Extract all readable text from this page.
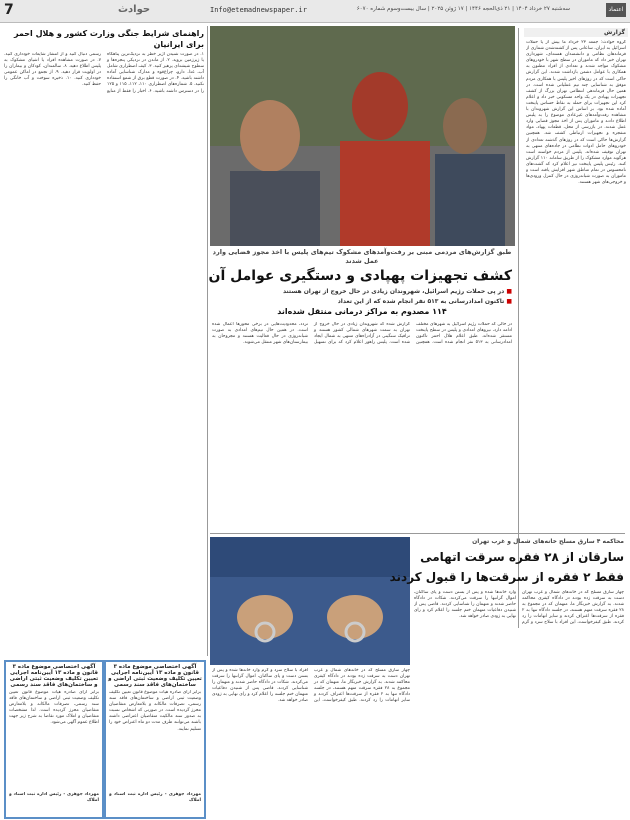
7	حوادث	Info@etemadnewspaper.ir	سه‌شنبه ۲۷ خرداد ۱۴۰۴ | ۲۱ ذی‌الحجه ۱۴۴۶ | ۱۷ ژوئن ۲۰۲۵ | سال بیست‌وسوم شماره ۶۰۷۰	اعتماد
گزارش
گروه حوادث: جمعه ۲۳ خرداد ما بیش از یا حملات اسرائیل به ایران، ساعاتی پس از کشته‌شدن شماری از فرماندهان نظامی و دانشمندان هسته‌ای، شهرداری تهران خبر داد که ماموران در سطح شهر با خودروهای مشکوک مواجه شدند و تعدادی از افراد مظنون به همکاری با عوامل دشمن بازداشت شدند. این گزارش حاکی است که در روزهای اخیر پلیس با همکاری مردم موفق به شناسایی چند تیم عملیاتی شده است. در همین حال فرماندهی انتظامی تهران بزرگ از کشف تجهیزات پهپادی در یک واحد مسکونی خبر داد و اعلام کرد این تجهیزات برای حمله به نقاط حساس پایتخت آماده شده بود. بر اساس این گزارش شهروندان با مشاهده رفت‌وآمدهای غیرعادی موضوع را به پلیس اطلاع دادند و ماموران پس از اخذ مجوز قضایی وارد عمل شدند. در بازرسی از محل، قطعات پهپاد، مواد منفجره و تجهیزات ارتباطی کشف شد. همچنین گزارش‌ها حاکی است که در روزهای گذشته تعدادی از خودروهای حامل ادوات نظامی در جاده‌های منتهی به تهران توقیف شده‌اند. پلیس از مردم خواسته است هرگونه موارد مشکوک را از طریق سامانه ۱۱۰ گزارش کنند. رئیس پلیس پایتخت نیز اعلام کرد که گشت‌های نامحسوس در تمام مناطق شهر افزایش یافته است و ماموران به صورت شبانه‌روزی در حال کنترل ورودی‌ها و خروجی‌های شهر هستند.
طبق گزارش‌های مردمی مبنی بر رفت‌وآمدهای مشکوک تیم‌های پلیس با اخذ مجوز قضایی وارد عمل شدند
کشف تجهیزات پهپادی و دستگیری عوامل آن
■ در پی حملات رژیم اسرائیل، شهروندان زیادی در حال خروج از تهران هستند
■ تاکنون امدادرسانی به ۵۱۳ نفر انجام شده که از این تعداد
۱۱۴ مصدوم به مراکز درمانی منتقل شده‌اند
در حالی که حملات رژیم اسرائیل به شهرهای مختلف ادامه دارد، نیروهای امدادی و پلیس در سطح پایتخت مستقر شده‌اند. طبق اعلام هلال احمر تاکنون امدادرسانی به ۵۱۳ نفر انجام شده است. همچنین گزارش شده که شهروندان زیادی در حال خروج از تهران به سمت شهرهای شمالی کشور هستند و ترافیک سنگینی در آزادراه‌های منتهی به شمال ایجاد شده است. پلیس راهور اعلام کرد که برای تسهیل تردد، محدودیت‌هایی در برخی محورها اعمال شده است. در همین حال تیم‌های امدادی به صورت شبانه‌روزی در حال فعالیت هستند و مجروحان به بیمارستان‌های شهر منتقل می‌شوند.
راهنمای شرایط جنگی وزارت کشور و هلال احمر برای ایرانیان
۱. در صورت شنیدن آژیر خطر به نزدیک‌ترین پناهگاه یا زیرزمین بروید. ۲. از ماندن در نزدیکی پنجره‌ها و سطوح شیشه‌ای پرهیز کنید. ۳. کیف اضطراری شامل آب، غذا، دارو، چراغ‌قوه و مدارک شناسایی آماده داشته باشید. ۴. در صورت قطع برق از شمع استفاده نکنید. ۵. شماره‌های اضطراری ۱۱۰، ۱۱۲، ۱۱۵ و ۱۲۵ را در دسترس داشته باشید. ۶. اخبار را فقط از منابع رسمی دنبال کنید و از انتشار شایعات خودداری کنید. ۷. در صورت مشاهده افراد یا اشیای مشکوک به پلیس اطلاع دهید. ۸. سالمندان، کودکان و بیماران را در اولویت قرار دهید. ۹. از تجمع در اماکن عمومی خودداری کنید. ۱۰. ذخیره سوخت و آب خانگی را حفظ کنید.
محاکمه ۴ سارق مسلح خانه‌های شمال و غرب تهران
سارقان از ۲۸ فقره سرقت اتهامی
فقط ۲ فقره از سرقت‌ها را قبول کردند
چهار سارق مسلح که در خانه‌های شمال و غرب تهران دست به سرقت زده بودند در دادگاه کیفری محاکمه شدند. به گزارش خبرنگار ما، متهمان که در مجموع به ۲۸ فقره سرقت متهم هستند، در جلسه دادگاه تنها به ۲ فقره از سرقت‌ها اعتراف کردند و سایر اتهامات را رد کردند. طبق کیفرخواست، این افراد با سلاح سرد و گرم وارد خانه‌ها شده و پس از بستن دست و پای ساکنان، اموال گرانبها را سرقت می‌کردند. شکات در دادگاه حاضر شدند و متهمان را شناسایی کردند. قاضی پس از شنیدن دفاعیات متهمان ختم جلسه را اعلام کرد و رای نهایی به زودی صادر خواهد شد.
چهار سارق مسلح که در خانه‌های شمال و غرب تهران دست به سرقت زده بودند در دادگاه کیفری محاکمه شدند. به گزارش خبرنگار ما، متهمان که در مجموع به ۲۸ فقره سرقت متهم هستند، در جلسه دادگاه تنها به ۲ فقره از سرقت‌ها اعتراف کردند و سایر اتهامات را رد کردند. طبق کیفرخواست، این افراد با سلاح سرد و گرم وارد خانه‌ها شده و پس از بستن دست و پای ساکنان، اموال گرانبها را سرقت می‌کردند. شکات در دادگاه حاضر شدند و متهمان را شناسایی کردند. قاضی پس از شنیدن دفاعیات متهمان ختم جلسه را اعلام کرد و رای نهایی به زودی صادر خواهد شد.
آگهی اختصاصی موضوع ماده ۳ قانون و ماده ۱۳ آیین‌نامه اجرایی تعیین تکلیف وضعیت ثبتی اراضی و ساختمان‌های فاقد سند رسمی
برابر آرای صادره هیات موضوع قانون تعیین تکلیف وضعیت ثبتی اراضی و ساختمان‌های فاقد سند رسمی، تصرفات مالکانه و بلامعارض متقاضیان محرز گردیده است. لذا مشخصات متقاضیان و املاک مورد تقاضا به شرح زیر جهت اطلاع عموم آگهی می‌شود.
مهرداد جوهری - رئیس اداره ثبت اسناد و املاک
آگهی اختصاصی موضوع ماده ۳ قانون و ماده ۱۳ آیین‌نامه اجرایی تعیین تکلیف وضعیت ثبتی اراضی و ساختمان‌های فاقد سند رسمی
برابر آرای صادره هیات موضوع قانون تعیین تکلیف وضعیت ثبتی اراضی و ساختمان‌های فاقد سند رسمی، تصرفات مالکانه و بلامعارض متقاضیان محرز گردیده است. در صورتی که اشخاص نسبت به صدور سند مالکیت متقاضیان اعتراضی داشته باشند می‌توانند ظرف مدت دو ماه اعتراض خود را تسلیم نمایند.
مهرداد جوهری - رئیس اداره ثبت اسناد و املاک
